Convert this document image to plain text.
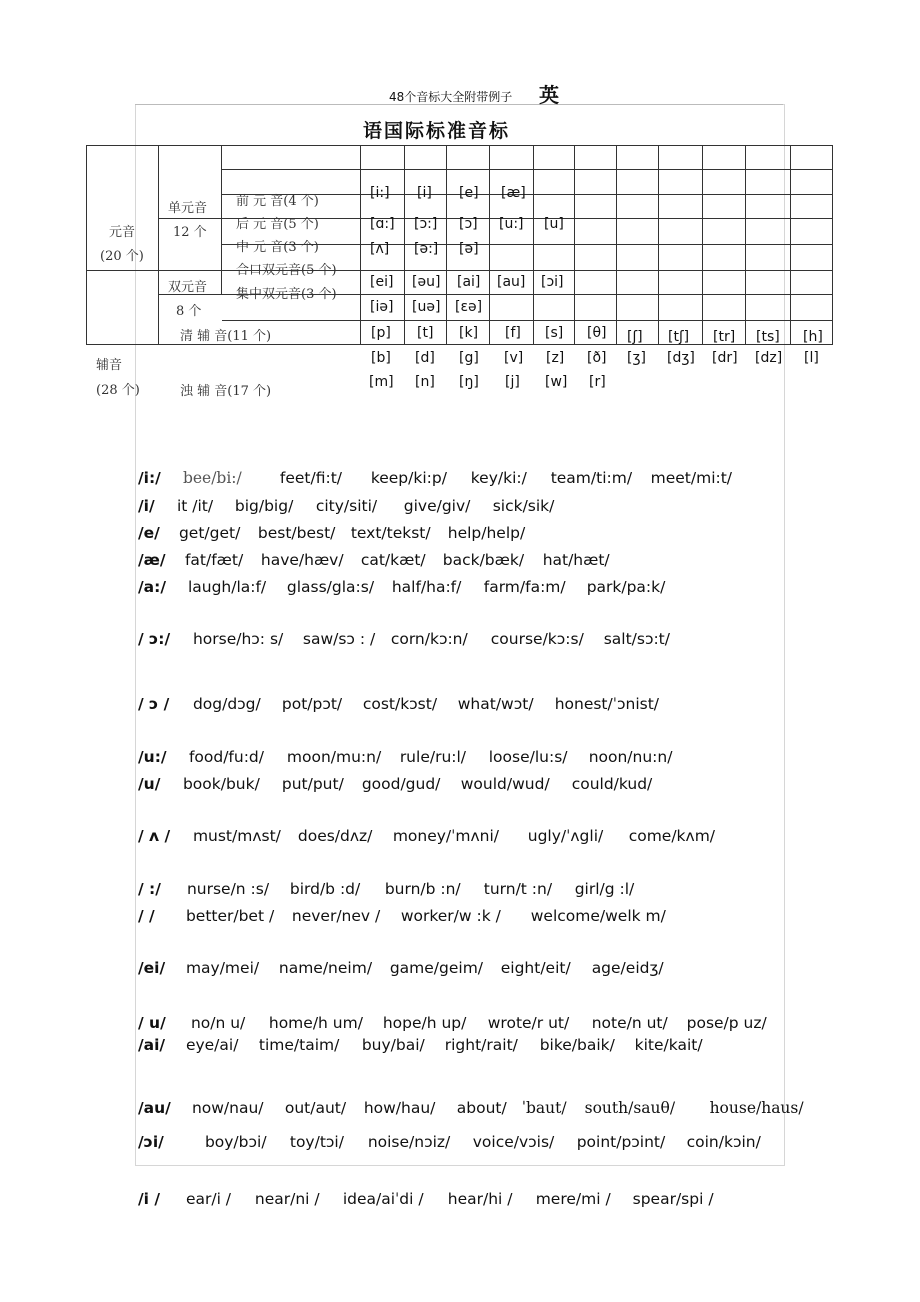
48个音标大全附带例子 英
语国际标准音标
元音
(20 个)
单元音
12 个
前 元 音(4 个)
后 元 音(5 个)
中 元 音(3 个)
合口双元音(5 个)
双元音 集中双元音(3 个)
8 个
清 辅 音(11 个)
辅音
(28 个)	浊 辅 音(17 个)
[i:] [i] [e] [æ]
[ɑ:] [ɔ:] [ɔ] [u:] [u]
[ʌ] [ə:] [ə]
[ei] [əu] [ai] [au] [ɔi]
[iə] [uə] [εə]
[p] [t] [k] [f] [s] [θ] [ʃ] [tʃ] [tr] [ts] [h]
[b] [d] [g] [v] [z] [ð] [ʒ] [dʒ] [dr] [dz] [l]
[m] [n] [ŋ] [j] [w] [r]
/i:/ bee/bi:/ feet/fi:t/ keep/ki:p/ key/ki:/ team/ti:m/ meet/mi:t/
/i/ it /it/ big/big/ city/siti/ give/giv/ sick/sik/
/e/ get/get/ best/best/ text/tekst/ help/help/
/æ/ fat/fæt/ have/hæv/ cat/kæt/ back/bæk/ hat/hæt/
/a:/ laugh/la:f/ glass/gla:s/ half/ha:f/ farm/fa:m/ park/pa:k/
/ ɔ:/ horse/hɔ: s/ saw/sɔ : / corn/kɔ:n/ course/kɔ:s/ salt/sɔ:t/
/ ɔ / dog/dɔg/ pot/pɔt/ cost/kɔst/ what/wɔt/ honest/ˈɔnist/
/u:/ food/fu:d/ moon/mu:n/ rule/ru:l/ loose/lu:s/ noon/nu:n/
/u/ book/buk/ put/put/ good/gud/ would/wud/ could/kud/
/ ʌ / must/mʌst/ does/dʌz/ money/ˈmʌni/ ugly/ˈʌgli/ come/kʌm/
/ :/ nurse/n :s/ bird/b :d/ burn/b :n/ turn/t :n/ girl/g :l/
/ / better/bet / never/nev / worker/w :k / welcome/welk m/
/ei/ may/mei/ name/neim/ game/geim/ eight/eit/ age/eidʒ/
/ u/ no/n u/ home/h um/ hope/h up/ wrote/r ut/ note/n ut/ pose/p uz/
/ai/ eye/ai/ time/taim/ buy/bai/ right/rait/ bike/baik/ kite/kait/
/au/ now/nau/ out/aut/ how/hau/ about/ ˈbaut/ south/sauθ/ house/haus/
/ɔi/	boy/bɔi/ toy/tɔi/ noise/nɔiz/ voice/vɔis/ point/pɔint/ coin/kɔin/
/i / ear/i / near/ni / idea/aiˈdi / hear/hi / mere/mi / spear/spi /
